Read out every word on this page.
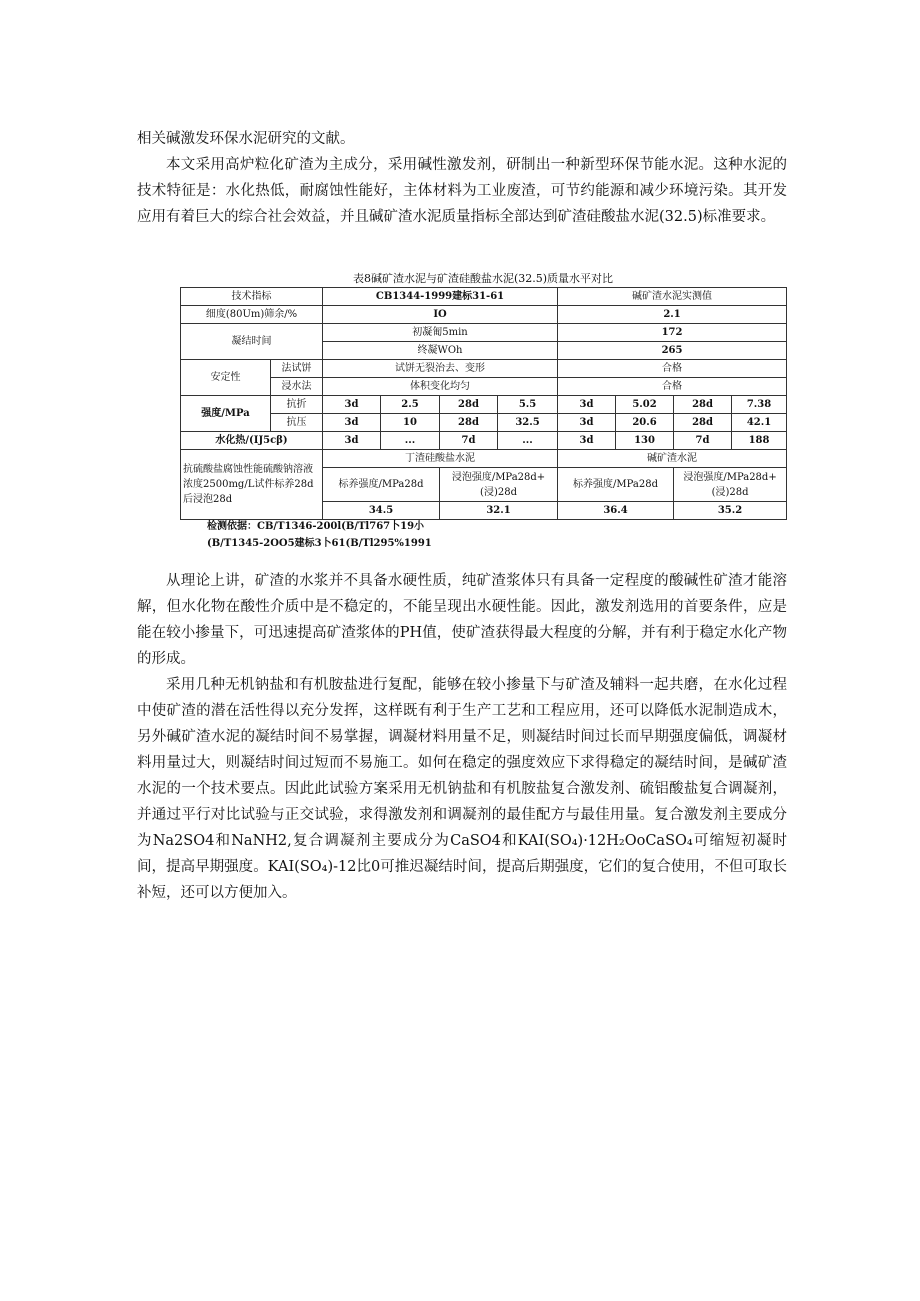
相关碱激发环保水泥研究的文献。

本文采用高炉粒化矿渣为主成分，采用碱性激发剂，研制出一种新型环保节能水泥。这种水泥的技术特征是：水化热低，耐腐蚀性能好，主体材料为工业废渣，可节约能源和减少环境污染。其开发应用有着巨大的综合社会效益，并且碱矿渣水泥质量指标全部达到矿渣硅酸盐水泥(32.5)标准要求。

表8碱矿渣水泥与矿渣硅酸盐水泥(32.5)质量水平对比
技术指标		CB1344-1999建标31-61				碱矿渣水泥实测值			
细度(80Um)筛余/%		IO				2.1			
凝结时间		初凝匍5min				172			
		终凝WOh				265			
安定性	法试饼	试饼无裂治去、变形				合格			
	浸水法	体积变化均匀				合格			
强度/MPa	抗折	3d	2.5	28d	5.5	3d	5.02	28d	7.38
	抗压	3d	10	28d	32.5	3d	20.6	28d	42.1
水化热/(IJ5cβ)		3d	...	7d	...	3d	130	7d	188
抗硫酸盐腐蚀性能硫酸钠溶液浓度2500mg/L试件标养28d后浸泡28d		丁渣硅酸盐水泥				碱矿渣水泥			
		标养强度/MPa28d		浸泡强度/MPa28d+(浸)28d		标养强度/MPa28d		浸泡强度/MPa28d+(浸)28d	
		34.5		32.1		36.4		35.2	
检测依据：CB/T1346-200l(B/Tl767卜19小
(B/T1345-2OO5建标3卜61(B/Tl295%1991

从理论上讲，矿渣的水浆并不具备水硬性质，纯矿渣浆体只有具备一定程度的酸碱性矿渣才能溶解，但水化物在酸性介质中是不稳定的，不能呈现出水硬性能。因此，激发剂选用的首要条件，应是能在较小掺量下，可迅速提高矿渣浆体的PH值，使矿渣获得最大程度的分解，并有利于稳定水化产物的形成。

采用几种无机钠盐和有机胺盐进行复配，能够在较小掺量下与矿渣及辅料一起共磨，在水化过程中使矿渣的潜在活性得以充分发挥，这样既有利于生产工艺和工程应用，还可以降低水泥制造成木，另外碱矿渣水泥的凝结时间不易掌握，调凝材料用量不足，则凝结时间过长而早期强度偏低，调凝材料用量过大，则凝结时间过短而不易施工。如何在稳定的强度效应下求得稳定的凝结时间，是碱矿渣水泥的一个技术要点。因此此试验方案采用无机钠盐和有机胺盐复合激发剂、硫铝酸盐复合调凝剂，并通过平行对比试验与正交试验，求得激发剂和调凝剂的最佳配方与最佳用量。复合激发剂主要成分为Na2SO4和NaNH2,复合调凝剂主要成分为CaSO4和KAI(SO₄)·12H₂OoCaSO₄可缩短初凝时间，提高早期强度。KAI(SO₄)-12比0可推迟凝结时间，提高后期强度，它们的复合使用，不但可取长补短，还可以方便加入。
